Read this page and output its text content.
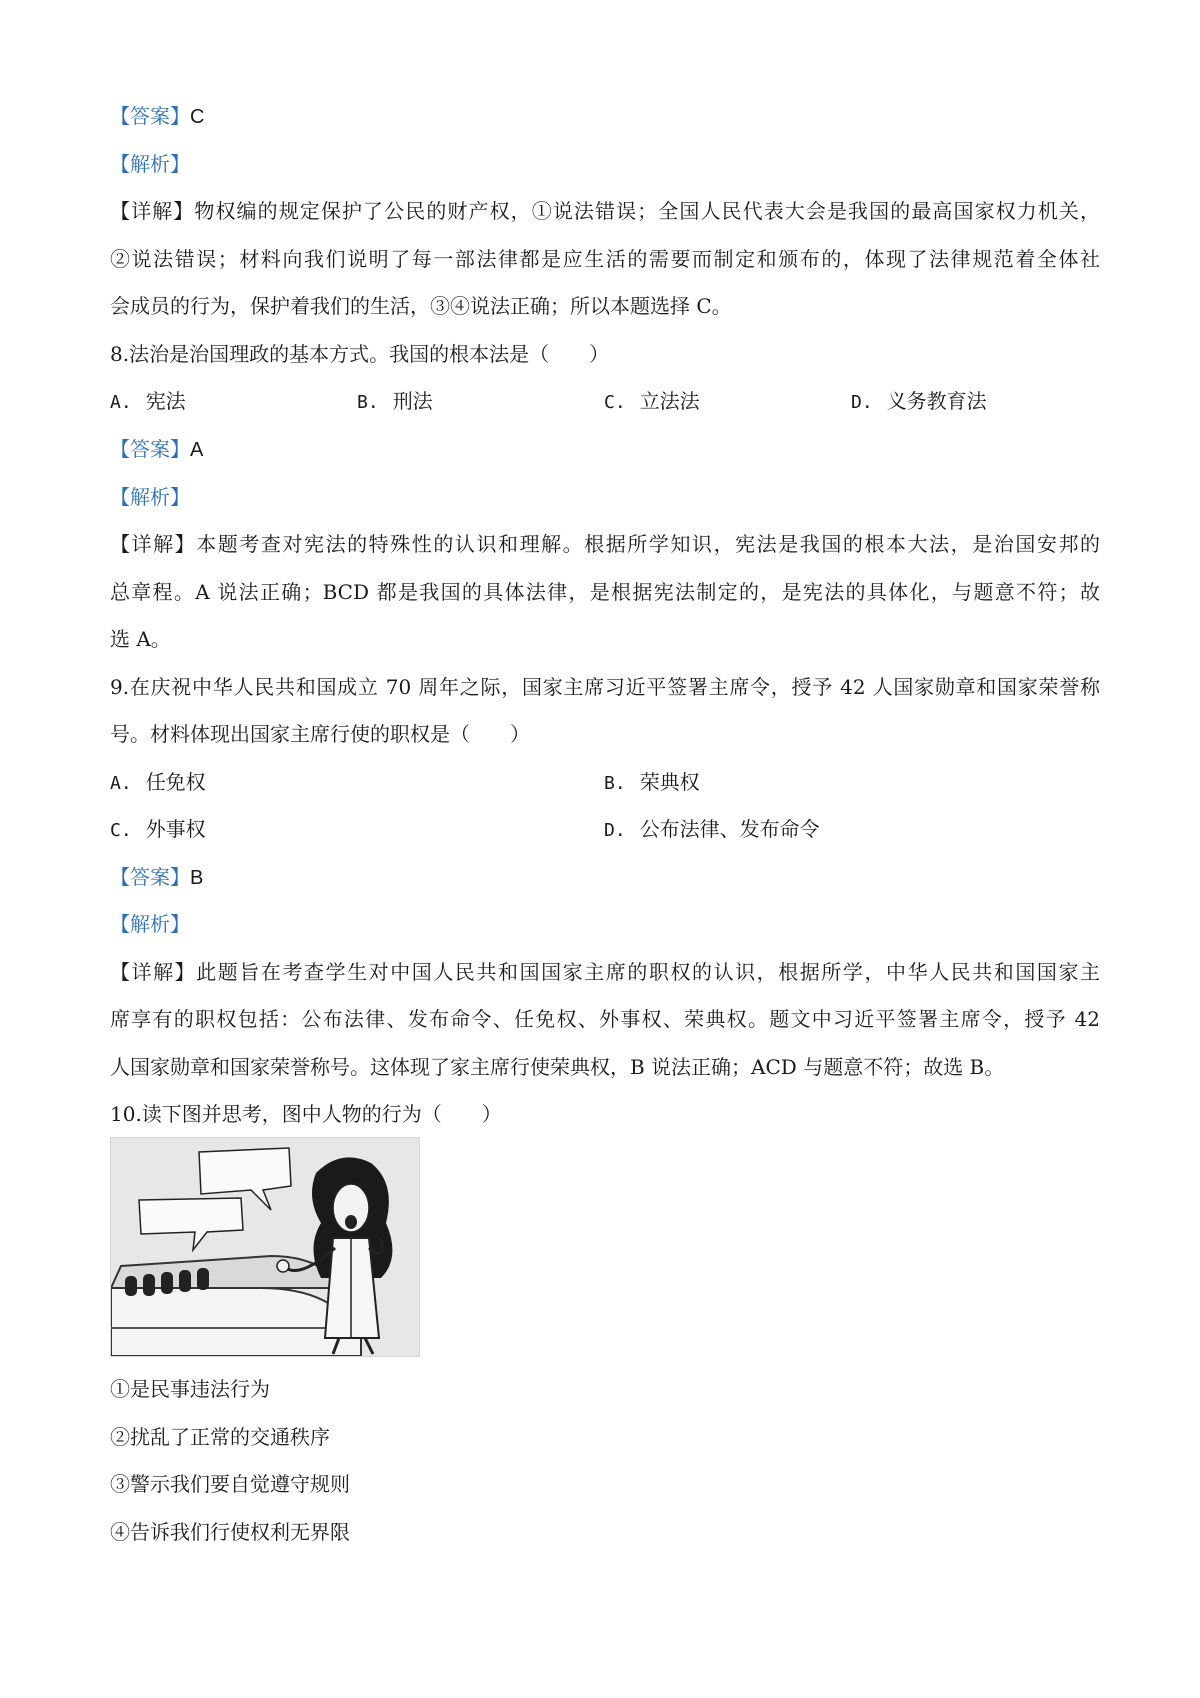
【答案】C
【解析】
【详解】物权编的规定保护了公民的财产权，①说法错误；全国人民代表大会是我国的最高国家权力机关，
②说法错误；材料向我们说明了每一部法律都是应生活的需要而制定和颁布的，体现了法律规范着全体社
会成员的行为，保护着我们的生活，③④说法正确；所以本题选择 C。
8.法治是治国理政的基本方式。我国的根本法是（　　）
A. 宪法	B. 刑法	C. 立法法	D. 义务教育法
【答案】A
【解析】
【详解】本题考查对宪法的特殊性的认识和理解。根据所学知识，宪法是我国的根本大法，是治国安邦的
总章程。A 说法正确；BCD 都是我国的具体法律，是根据宪法制定的，是宪法的具体化，与题意不符；故
选 A。
9.在庆祝中华人民共和国成立 70 周年之际，国家主席习近平签署主席令，授予 42 人国家勋章和国家荣誉称
号。材料体现出国家主席行使的职权是（　　）
A. 任免权	B. 荣典权
C. 外事权	D. 公布法律、发布命令
【答案】B
【解析】
【详解】此题旨在考查学生对中国人民共和国国家主席的职权的认识，根据所学，中华人民共和国国家主
席享有的职权包括：公布法律、发布命令、任免权、外事权、荣典权。题文中习近平签署主席令，授予 42
人国家勋章和国家荣誉称号。这体现了家主席行使荣典权，B 说法正确；ACD 与题意不符；故选 B。
10.读下图并思考，图中人物的行为（　　）
①是民事违法行为
②扰乱了正常的交通秩序
③警示我们要自觉遵守规则
④告诉我们行使权利无界限
